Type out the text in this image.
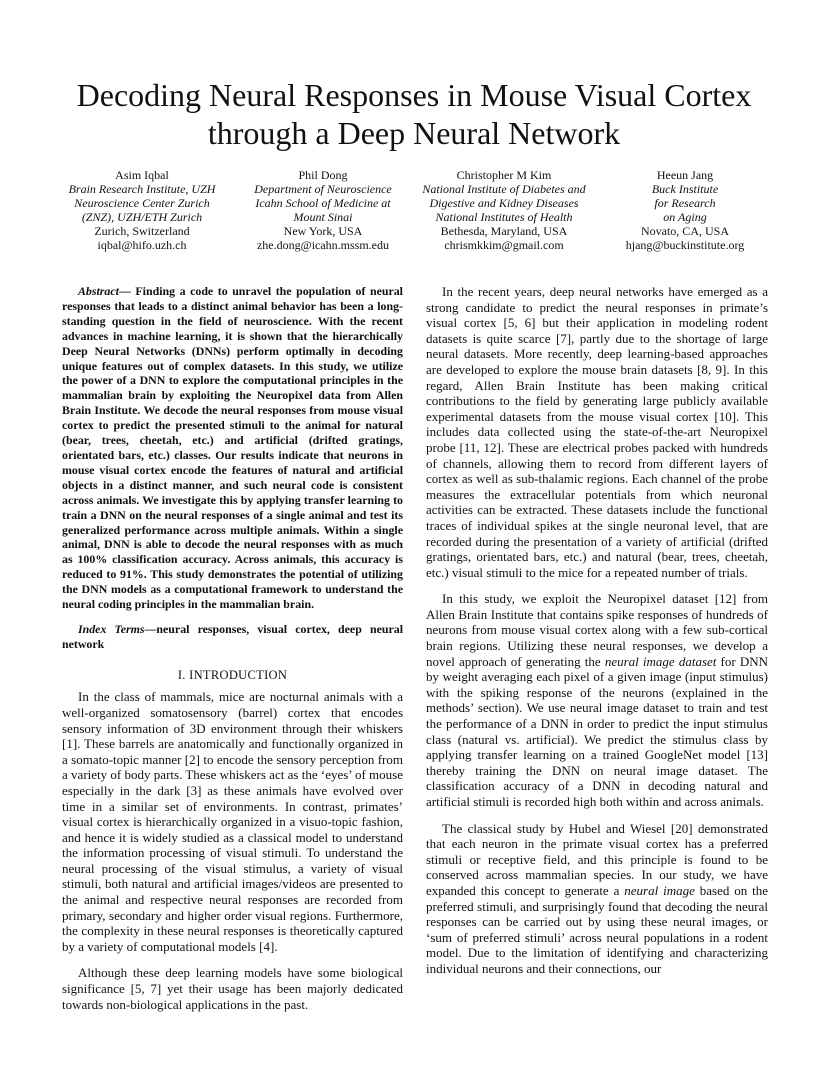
Decoding Neural Responses in Mouse Visual Cortex
through a Deep Neural Network
Asim Iqbal
Brain Research Institute, UZH
Neuroscience Center Zurich
(ZNZ), UZH/ETH Zurich
Zurich, Switzerland
iqbal@hifo.uzh.ch
Phil Dong
Department of Neuroscience
Icahn School of Medicine at
Mount Sinai
New York, USA
zhe.dong@icahn.mssm.edu
Christopher M Kim
National Institute of Diabetes and
Digestive and Kidney Diseases
National Institutes of Health
Bethesda, Maryland, USA
chrismkkim@gmail.com
Heeun Jang
Buck Institute
for Research
on Aging
Novato, CA, USA
hjang@buckinstitute.org

Abstract— Finding a code to unravel the population of neural responses that leads to a distinct animal behavior has been a long-standing question in the field of neuroscience. With the recent advances in machine learning, it is shown that the hierarchically Deep Neural Networks (DNNs) perform optimally in decoding unique features out of complex datasets. In this study, we utilize the power of a DNN to explore the computational principles in the mammalian brain by exploiting the Neuropixel data from Allen Brain Institute. We decode the neural responses from mouse visual cortex to predict the presented stimuli to the animal for natural (bear, trees, cheetah, etc.) and artificial (drifted gratings, orientated bars, etc.) classes. Our results indicate that neurons in mouse visual cortex encode the features of natural and artificial objects in a distinct manner, and such neural code is consistent across animals. We investigate this by applying transfer learning to train a DNN on the neural responses of a single animal and test its generalized performance across multiple animals. Within a single animal, DNN is able to decode the neural responses with as much as 100% classification accuracy. Across animals, this accuracy is reduced to 91%. This study demonstrates the potential of utilizing the DNN models as a computational framework to understand the neural coding principles in the mammalian brain.

Index Terms—neural responses, visual cortex, deep neural network

I. INTRODUCTION

In the class of mammals, mice are nocturnal animals with a well-organized somatosensory (barrel) cortex that encodes sensory information of 3D environment through their whiskers [1]. These barrels are anatomically and functionally organized in a somato-topic manner [2] to encode the sensory perception from a variety of body parts. These whiskers act as the ‘eyes’ of mouse especially in the dark [3] as these animals have evolved over time in a similar set of environments. In contrast, primates’ visual cortex is hierarchically organized in a visuo-topic fashion, and hence it is widely studied as a classical model to understand the information processing of visual stimuli. To understand the neural processing of the visual stimulus, a variety of visual stimuli, both natural and artificial images/videos are presented to the animal and respective neural responses are recorded from primary, secondary and higher order visual regions. Furthermore, the complexity in these neural responses is theoretically captured by a variety of computational models [4].

Although these deep learning models have some biological significance [5, 7] yet their usage has been majorly dedicated towards non-biological applications in the past.

In the recent years, deep neural networks have emerged as a strong candidate to predict the neural responses in primate’s visual cortex [5, 6] but their application in modeling rodent datasets is quite scarce [7], partly due to the shortage of large neural datasets. More recently, deep learning-based approaches are developed to explore the mouse brain datasets [8, 9]. In this regard, Allen Brain Institute has been making critical contributions to the field by generating large publicly available experimental datasets from the mouse visual cortex [10]. This includes data collected using the state-of-the-art Neuropixel probe [11, 12]. These are electrical probes packed with hundreds of channels, allowing them to record from different layers of cortex as well as sub-thalamic regions. Each channel of the probe measures the extracellular potentials from which neuronal activities can be extracted. These datasets include the functional traces of individual spikes at the single neuronal level, that are recorded during the presentation of a variety of artificial (drifted gratings, orientated bars, etc.) and natural (bear, trees, cheetah, etc.) visual stimuli to the mice for a repeated number of trials.

In this study, we exploit the Neuropixel dataset [12] from Allen Brain Institute that contains spike responses of hundreds of neurons from mouse visual cortex along with a few sub-cortical brain regions. Utilizing these neural responses, we develop a novel approach of generating the neural image dataset for DNN by weight averaging each pixel of a given image (input stimulus) with the spiking response of the neurons (explained in the methods’ section). We use neural image dataset to train and test the performance of a DNN in order to predict the input stimulus class (natural vs. artificial). We predict the stimulus class by applying transfer learning on a trained GoogleNet model [13] thereby training the DNN on neural image dataset. The classification accuracy of a DNN in decoding natural and artificial stimuli is recorded high both within and across animals.

The classical study by Hubel and Wiesel [20] demonstrated that each neuron in the primate visual cortex has a preferred stimuli or receptive field, and this principle is found to be conserved across mammalian species. In our study, we have expanded this concept to generate a neural image based on the preferred stimuli, and surprisingly found that decoding the neural responses can be carried out by using these neural images, or ‘sum of preferred stimuli’ across neural populations in a rodent model. Due to the limitation of identifying and characterizing individual neurons and their connections, our
